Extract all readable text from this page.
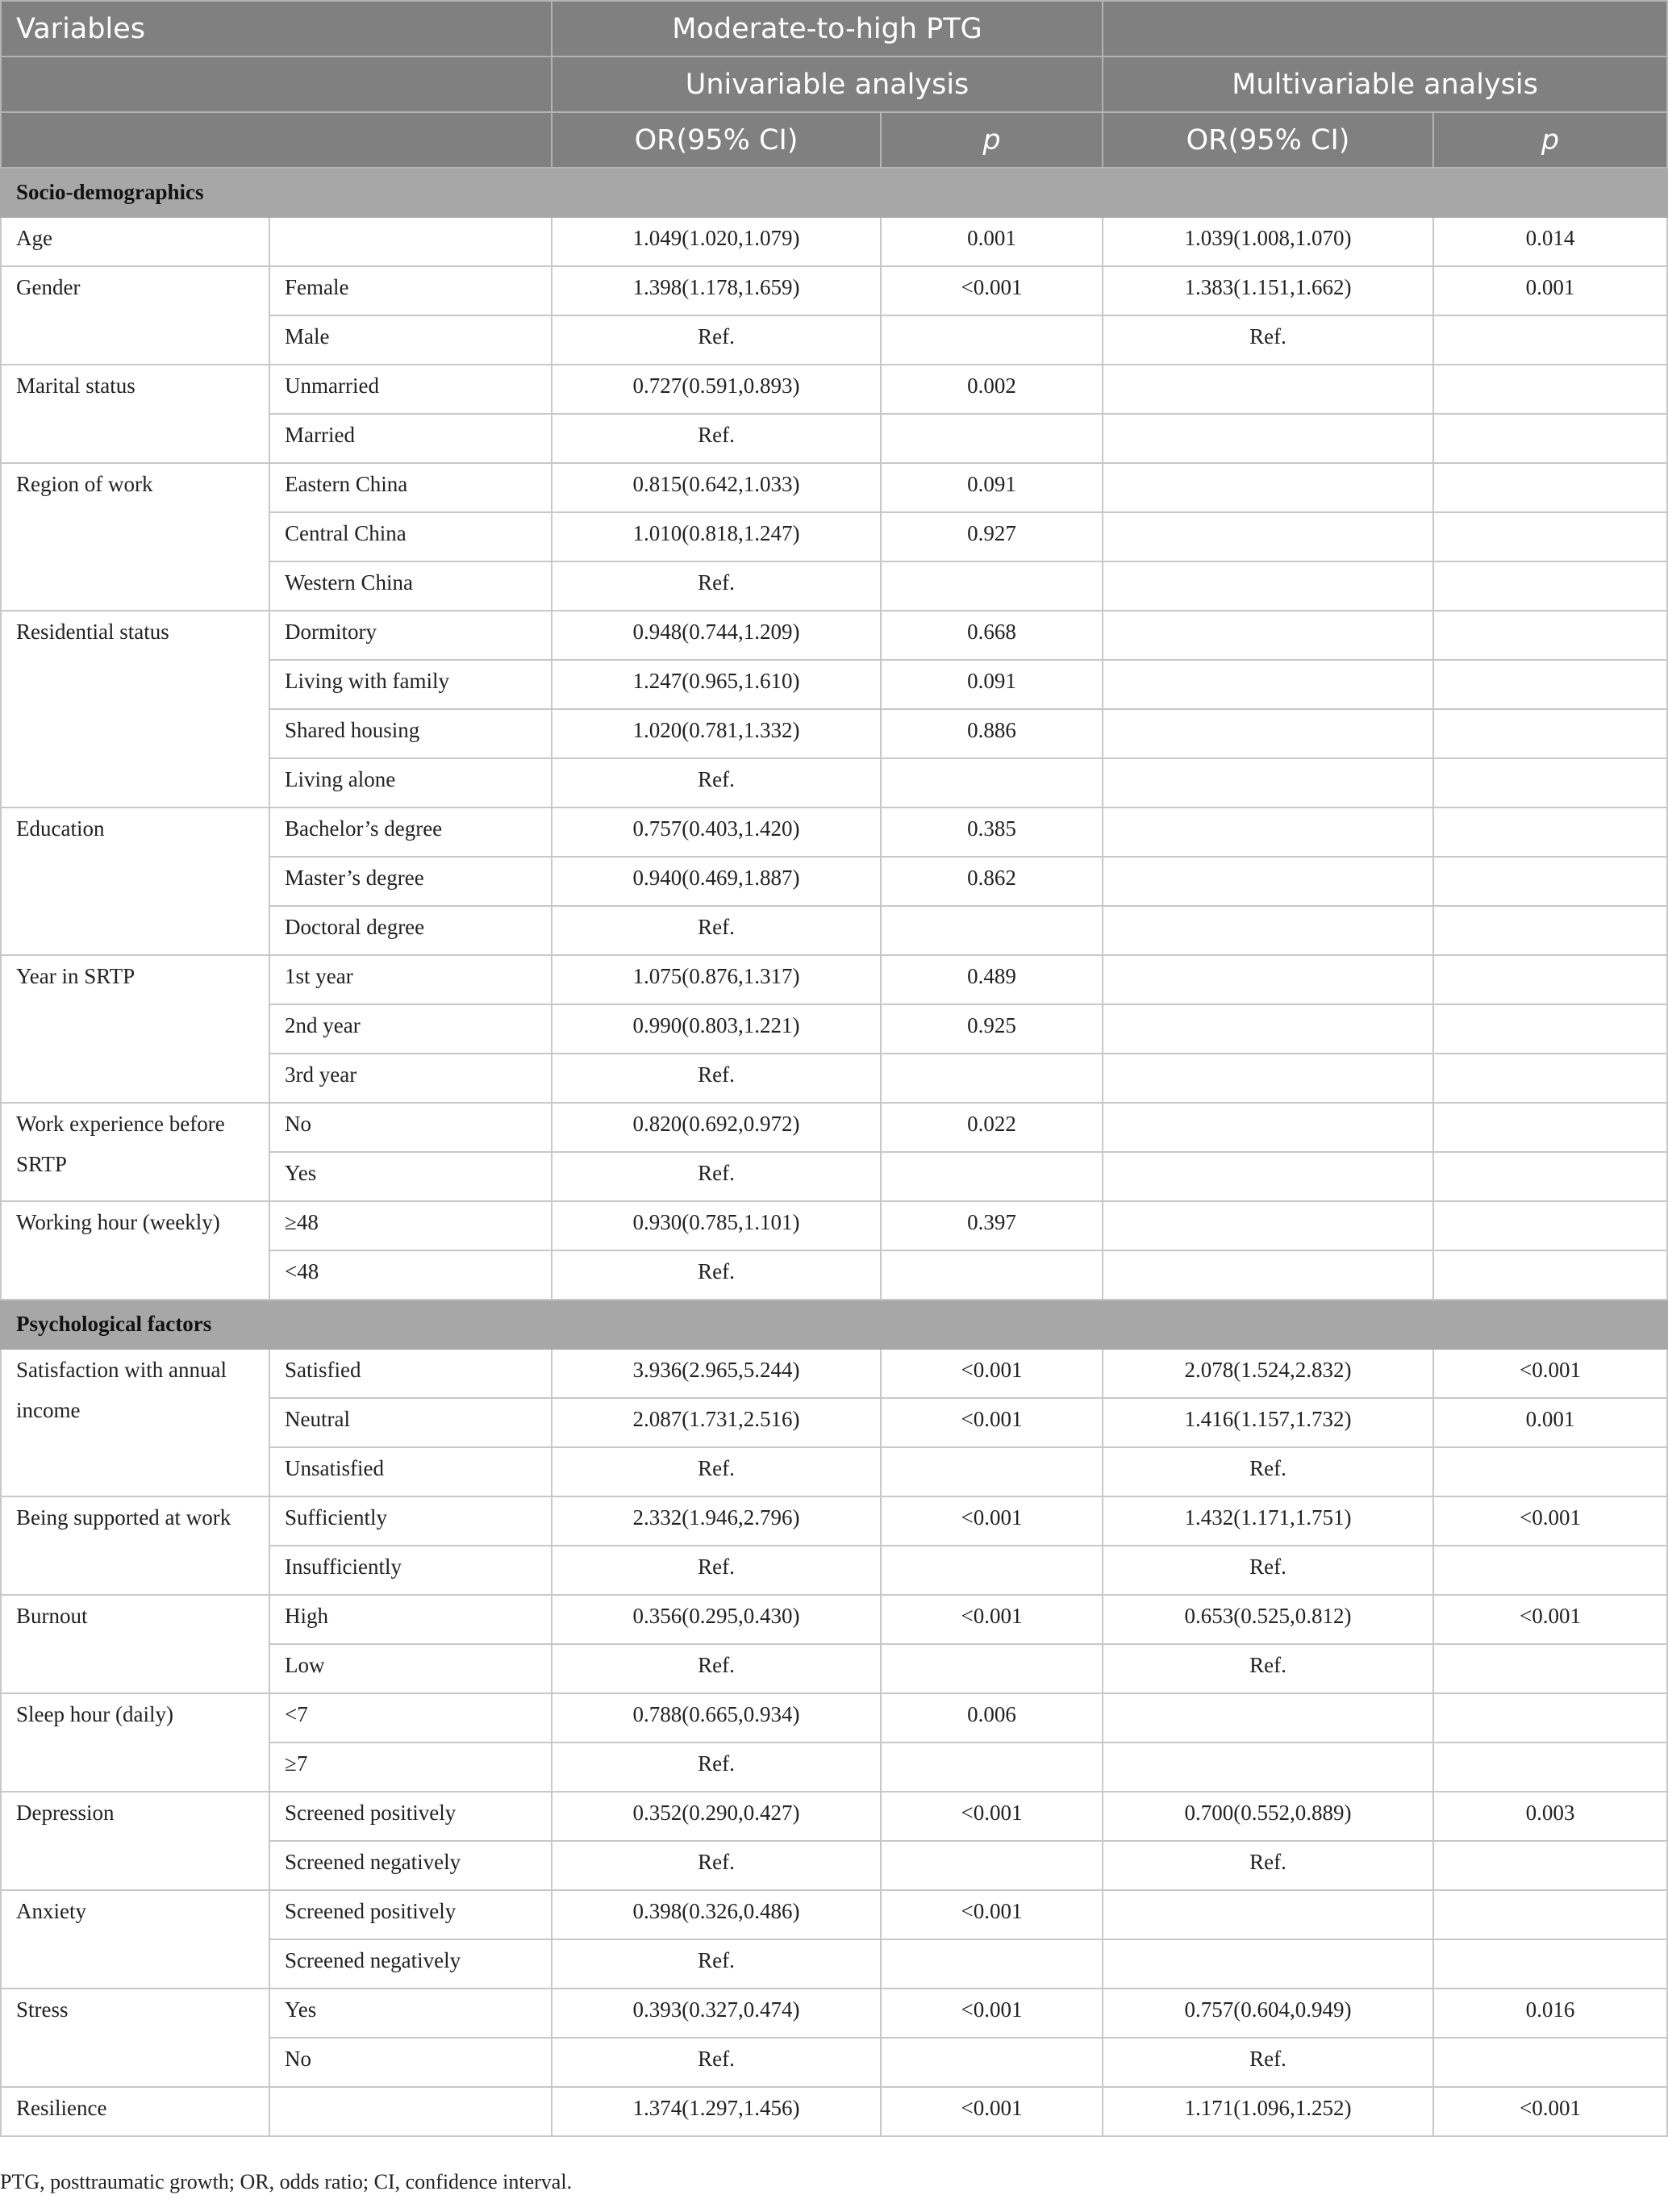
Variables		Moderate-to-high PTG			
		Univariable analysis		Multivariable analysis	
		OR(95% CI)	p	OR(95% CI)	p
Socio-demographics					
Age		1.049(1.020,1.079)	0.001	1.039(1.008,1.070)	0.014
Gender	Female	1.398(1.178,1.659)	<0.001	1.383(1.151,1.662)	0.001
	Male	Ref.		Ref.	
Marital status	Unmarried	0.727(0.591,0.893)	0.002		
	Married	Ref.			
Region of work	Eastern China	0.815(0.642,1.033)	0.091		
	Central China	1.010(0.818,1.247)	0.927		
	Western China	Ref.			
Residential status	Dormitory	0.948(0.744,1.209)	0.668		
	Living with family	1.247(0.965,1.610)	0.091		
	Shared housing	1.020(0.781,1.332)	0.886		
	Living alone	Ref.			
Education	Bachelor’s degree	0.757(0.403,1.420)	0.385		
	Master’s degree	0.940(0.469,1.887)	0.862		
	Doctoral degree	Ref.			
Year in SRTP	1st year	1.075(0.876,1.317)	0.489		
	2nd year	0.990(0.803,1.221)	0.925		
	3rd year	Ref.			
Work experience before SRTP	No	0.820(0.692,0.972)	0.022		
	Yes	Ref.			
Working hour (weekly)	≥48	0.930(0.785,1.101)	0.397		
	<48	Ref.			
Psychological factors					
Satisfaction with annual income	Satisfied	3.936(2.965,5.244)	<0.001	2.078(1.524,2.832)	<0.001
	Neutral	2.087(1.731,2.516)	<0.001	1.416(1.157,1.732)	0.001
	Unsatisfied	Ref.		Ref.	
Being supported at work	Sufficiently	2.332(1.946,2.796)	<0.001	1.432(1.171,1.751)	<0.001
	Insufficiently	Ref.		Ref.	
Burnout	High	0.356(0.295,0.430)	<0.001	0.653(0.525,0.812)	<0.001
	Low	Ref.		Ref.	
Sleep hour (daily)	<7	0.788(0.665,0.934)	0.006		
	≥7	Ref.			
Depression	Screened positively	0.352(0.290,0.427)	<0.001	0.700(0.552,0.889)	0.003
	Screened negatively	Ref.		Ref.	
Anxiety	Screened positively	0.398(0.326,0.486)	<0.001		
	Screened negatively	Ref.			
Stress	Yes	0.393(0.327,0.474)	<0.001	0.757(0.604,0.949)	0.016
	No	Ref.		Ref.	
Resilience		1.374(1.297,1.456)	<0.001	1.171(1.096,1.252)	<0.001
PTG, posttraumatic growth; OR, odds ratio; CI, confidence interval.
